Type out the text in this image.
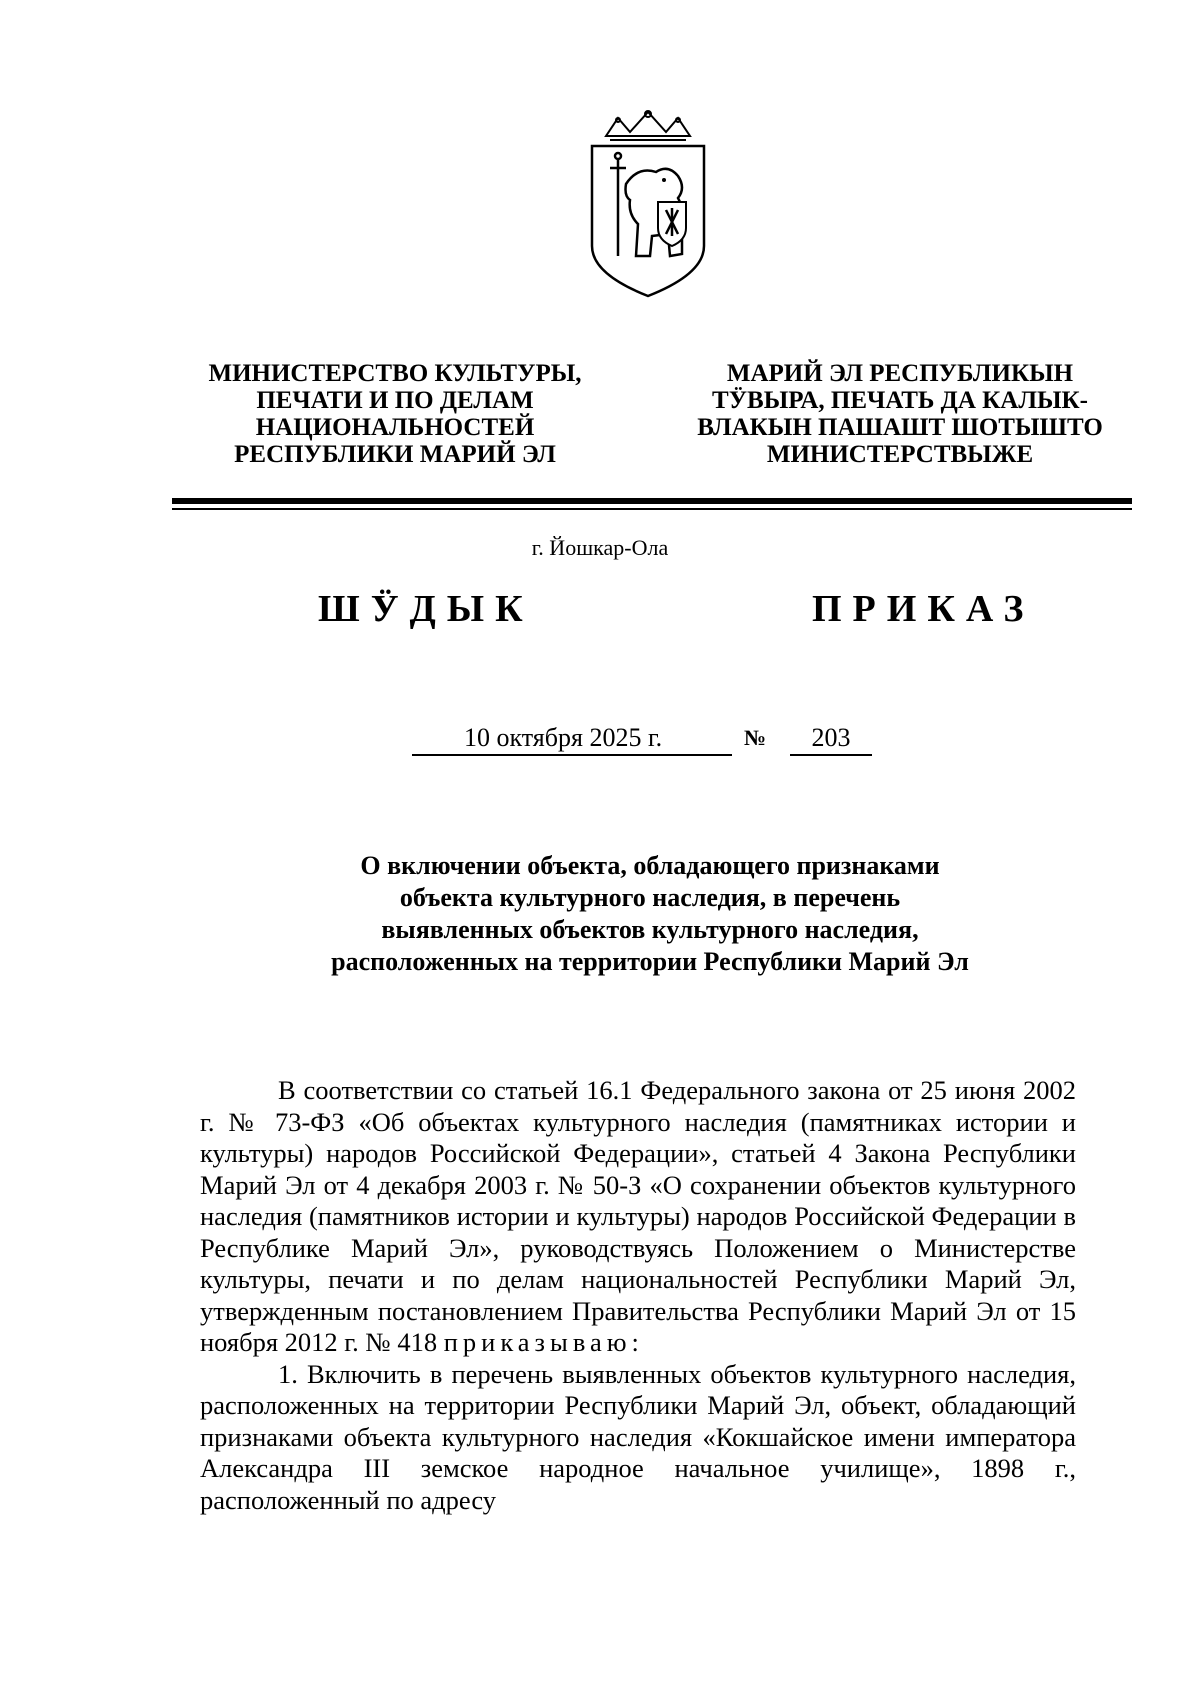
МИНИСТЕРСТВО КУЛЬТУРЫ,
ПЕЧАТИ И ПО ДЕЛАМ
НАЦИОНАЛЬНОСТЕЙ
РЕСПУБЛИКИ МАРИЙ ЭЛ
МАРИЙ ЭЛ РЕСПУБЛИКЫН
ТӰВЫРА, ПЕЧАТЬ ДА КАЛЫК-
ВЛАКЫН ПАШАШТ ШОТЫШТО
МИНИСТЕРСТВЫЖЕ
г. Йошкар-Ола
ШӰДЫК	ПРИКАЗ
10 октября 2025 г.	№	203
О включении объекта, обладающего признаками
объекта культурного наследия, в перечень
выявленных объектов культурного наследия,
расположенных на территории Республики Марий Эл

В соответствии со статьей 16.1 Федерального закона от 25 июня 2002 г. № 73-ФЗ «Об объектах культурного наследия (памятниках истории и культуры) народов Российской Федерации», статьей 4 Закона Республики Марий Эл от 4 декабря 2003 г. № 50-З «О сохранении объектов культурного наследия (памятников истории и культуры) народов Российской Федерации в Республике Марий Эл», руководствуясь Положением о Министерстве культуры, печати и по делам национальностей Республики Марий Эл, утвержденным постановлением Правительства Республики Марий Эл от 15 ноября 2012 г. № 418 приказываю:

1. Включить в перечень выявленных объектов культурного наследия, расположенных на территории Республики Марий Эл, объект, обладающий признаками объекта культурного наследия «Кокшайское имени императора Александра III земское народное начальное училище», 1898 г., расположенный по адресу
